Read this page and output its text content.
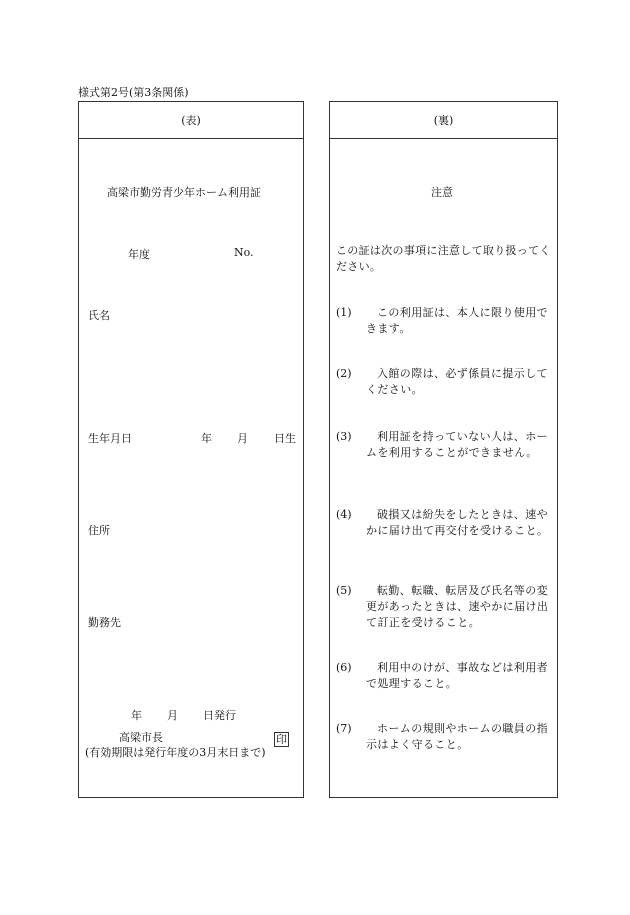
様式第2号(第3条関係)
(表)
高梁市勤労青少年ホーム利用証
年度	No.
氏名
生年月日	年 月 日生
住所
勤務先
年 月 日発行
高梁市長	印
(有効期限は発行年度の3月末日まで)
(裏)
注意
この証は次の事項に注意して取り扱ってください。
(1)	この利用証は、本人に限り使用できます。
(2)	入館の際は、必ず係員に提示してください。
(3)	利用証を持っていない人は、ホームを利用することができません。
(4)	破損又は紛失をしたときは、速やかに届け出て再交付を受けること。
(5)	転勤、転職、転居及び氏名等の変更があったときは、速やかに届け出て訂正を受けること。
(6)	利用中のけが、事故などは利用者で処理すること。
(7)	ホームの規則やホームの職員の指示はよく守ること。
